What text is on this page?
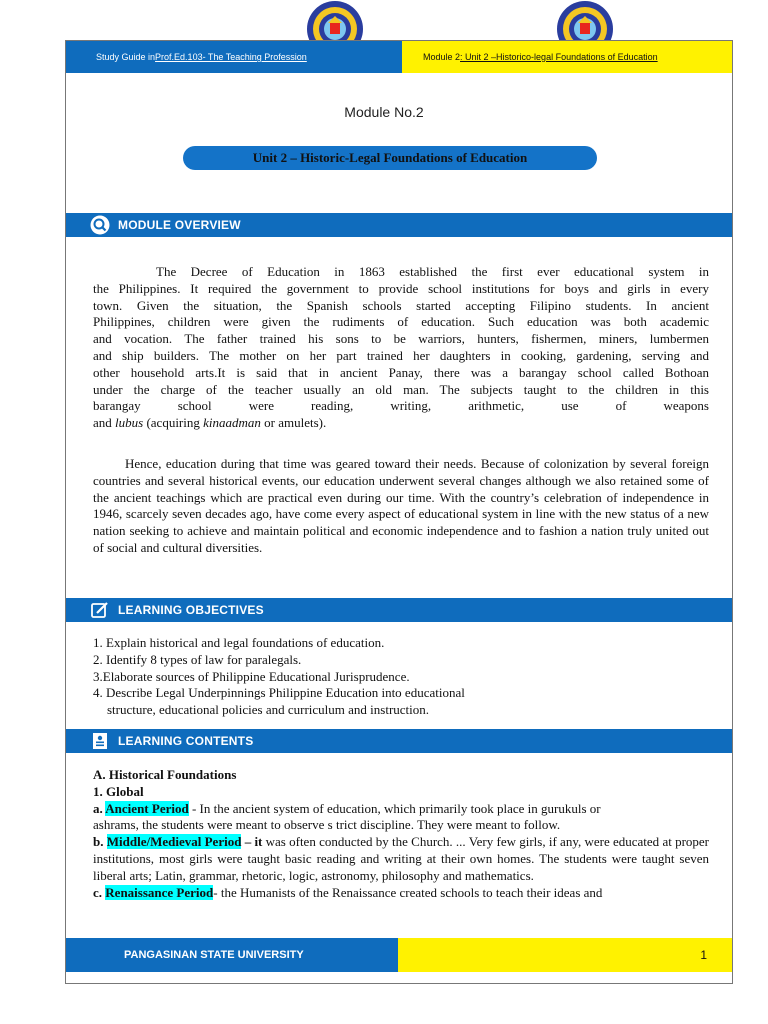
Study Guide in Prof.Ed.103- The Teaching Profession	Module 2 : Unit 2 –Historico-legal Foundations of Education
Module No.2
Unit 2 – Historic-Legal Foundations of Education
MODULE OVERVIEW
The Decree of Education in 1863 established the first ever educational system in
the Philippines. It required the government to provide school institutions for boys and girls in every
town. Given the situation, the Spanish schools started accepting Filipino students. In ancient
Philippines, children were given the rudiments of education. Such education was both academic
and vocation. The father trained his sons to be warriors, hunters, fishermen, miners, lumbermen
and ship builders. The mother on her part trained her daughters in cooking, gardening, serving and
other household arts.It is said that in ancient Panay, there was a barangay school called Bothoan
under the charge of the teacher usually an old man. The subjects taught to the children in this
barangay school were reading, writing, arithmetic, use of weapons
and lubus (acquiring kinaadman or amulets).
Hence, education during that time was geared toward their needs. Because of colonization by several foreign countries and several historical events, our education underwent several changes although we also retained some of the ancient teachings which are practical even during our time. With the country’s celebration of independence in 1946, scarcely seven decades ago, have come every aspect of educational system in line with the new status of a new nation seeking to achieve and maintain political and economic independence and to fashion a nation truly united out of social and cultural diversities.
LEARNING OBJECTIVES
1. Explain historical and legal foundations of education.
2. Identify 8 types of law for paralegals.
3.Elaborate sources of Philippine Educational Jurisprudence.
4. Describe Legal Underpinnings Philippine Education into educational
structure, educational policies and curriculum and instruction.
LEARNING CONTENTS
A. Historical Foundations
1. Global

a. Ancient Period - In the ancient system of education, which primarily took place in gurukuls or
ashrams, the students were meant to observe s trict discipline. They were meant to follow.

b. Middle/Medieval Period – it was often conducted by the Church. ... Very few girls, if any, were educated at proper institutions, most girls were taught basic reading and writing at their own homes. The students were taught seven liberal arts; Latin, grammar, rhetoric, logic, astronomy, philosophy and mathematics.

c. Renaissance Period- the Humanists of the Renaissance created schools to teach their ideas and

PANGASINAN STATE UNIVERSITY	1
